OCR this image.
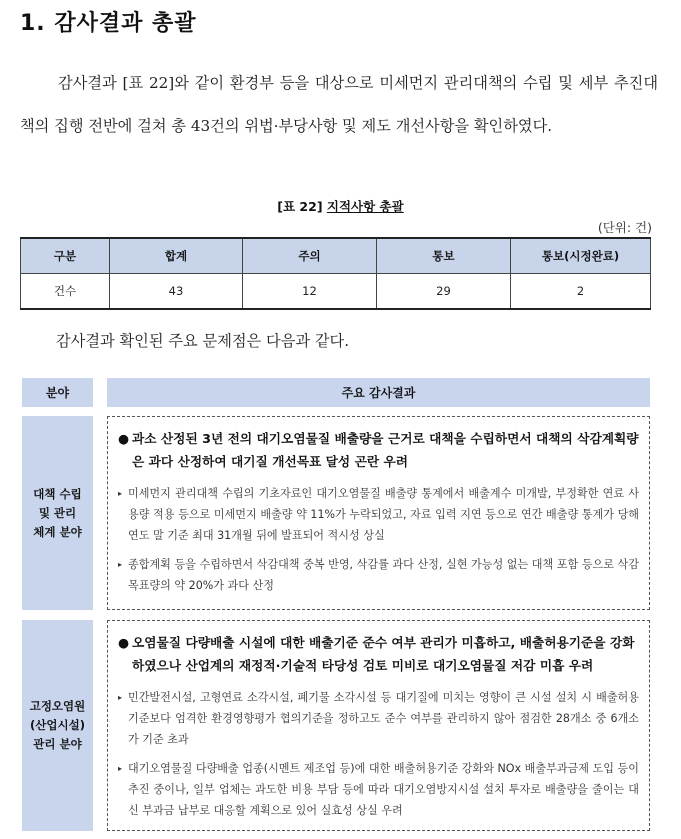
1. 감사결과 총괄

감사결과 [표 22]와 같이 환경부 등을 대상으로 미세먼지 관리대책의 수립 및 세부 추진대책의 집행 전반에 걸쳐 총 43건의 위법·부당사항 및 제도 개선사항을 확인하였다.

[표 22] 지적사항 총괄
(단위: 건)
구분	합계	주의	통보	통보(시정완료)
건수	43	12	29	2

감사결과 확인된 주요 문제점은 다음과 같다.

분야	주요 감사결과
대책 수립
및 관리
체계 분야
● 과소 산정된 3년 전의 대기오염물질 배출량을 근거로 대책을 수립하면서 대책의 삭감계획량은 과다 산정하여 대기질 개선목표 달성 곤란 우려
▸ 미세먼지 관리대책 수립의 기초자료인 대기오염물질 배출량 통계에서 배출계수 미개발, 부정확한 연료 사용량 적용 등으로 미세먼지 배출량 약 11%가 누락되었고, 자료 입력 지연 등으로 연간 배출량 통계가 당해연도 말 기준 최대 31개월 뒤에 발표되어 적시성 상실
▸ 종합계획 등을 수립하면서 삭감대책 중복 반영, 삭감률 과다 산정, 실현 가능성 없는 대책 포함 등으로 삭감 목표량의 약 20%가 과다 산정
고정오염원
(산업시설)
관리 분야
● 오염물질 다량배출 시설에 대한 배출기준 준수 여부 관리가 미흡하고, 배출허용기준을 강화하였으나 산업계의 재정적·기술적 타당성 검토 미비로 대기오염물질 저감 미흡 우려
▸ 민간발전시설, 고형연료 소각시설, 폐기물 소각시설 등 대기질에 미치는 영향이 큰 시설 설치 시 배출허용기준보다 엄격한 환경영향평가 협의기준을 정하고도 준수 여부를 관리하지 않아 점검한 28개소 중 6개소가 기준 초과
▸ 대기오염물질 다량배출 업종(시멘트 제조업 등)에 대한 배출허용기준 강화와 NOx 배출부과금제 도입 등이 추진 중이나, 일부 업체는 과도한 비용 부담 등에 따라 대기오염방지시설 설치 투자로 배출량을 줄이는 대신 부과금 납부로 대응할 계획으로 있어 실효성 상실 우려
